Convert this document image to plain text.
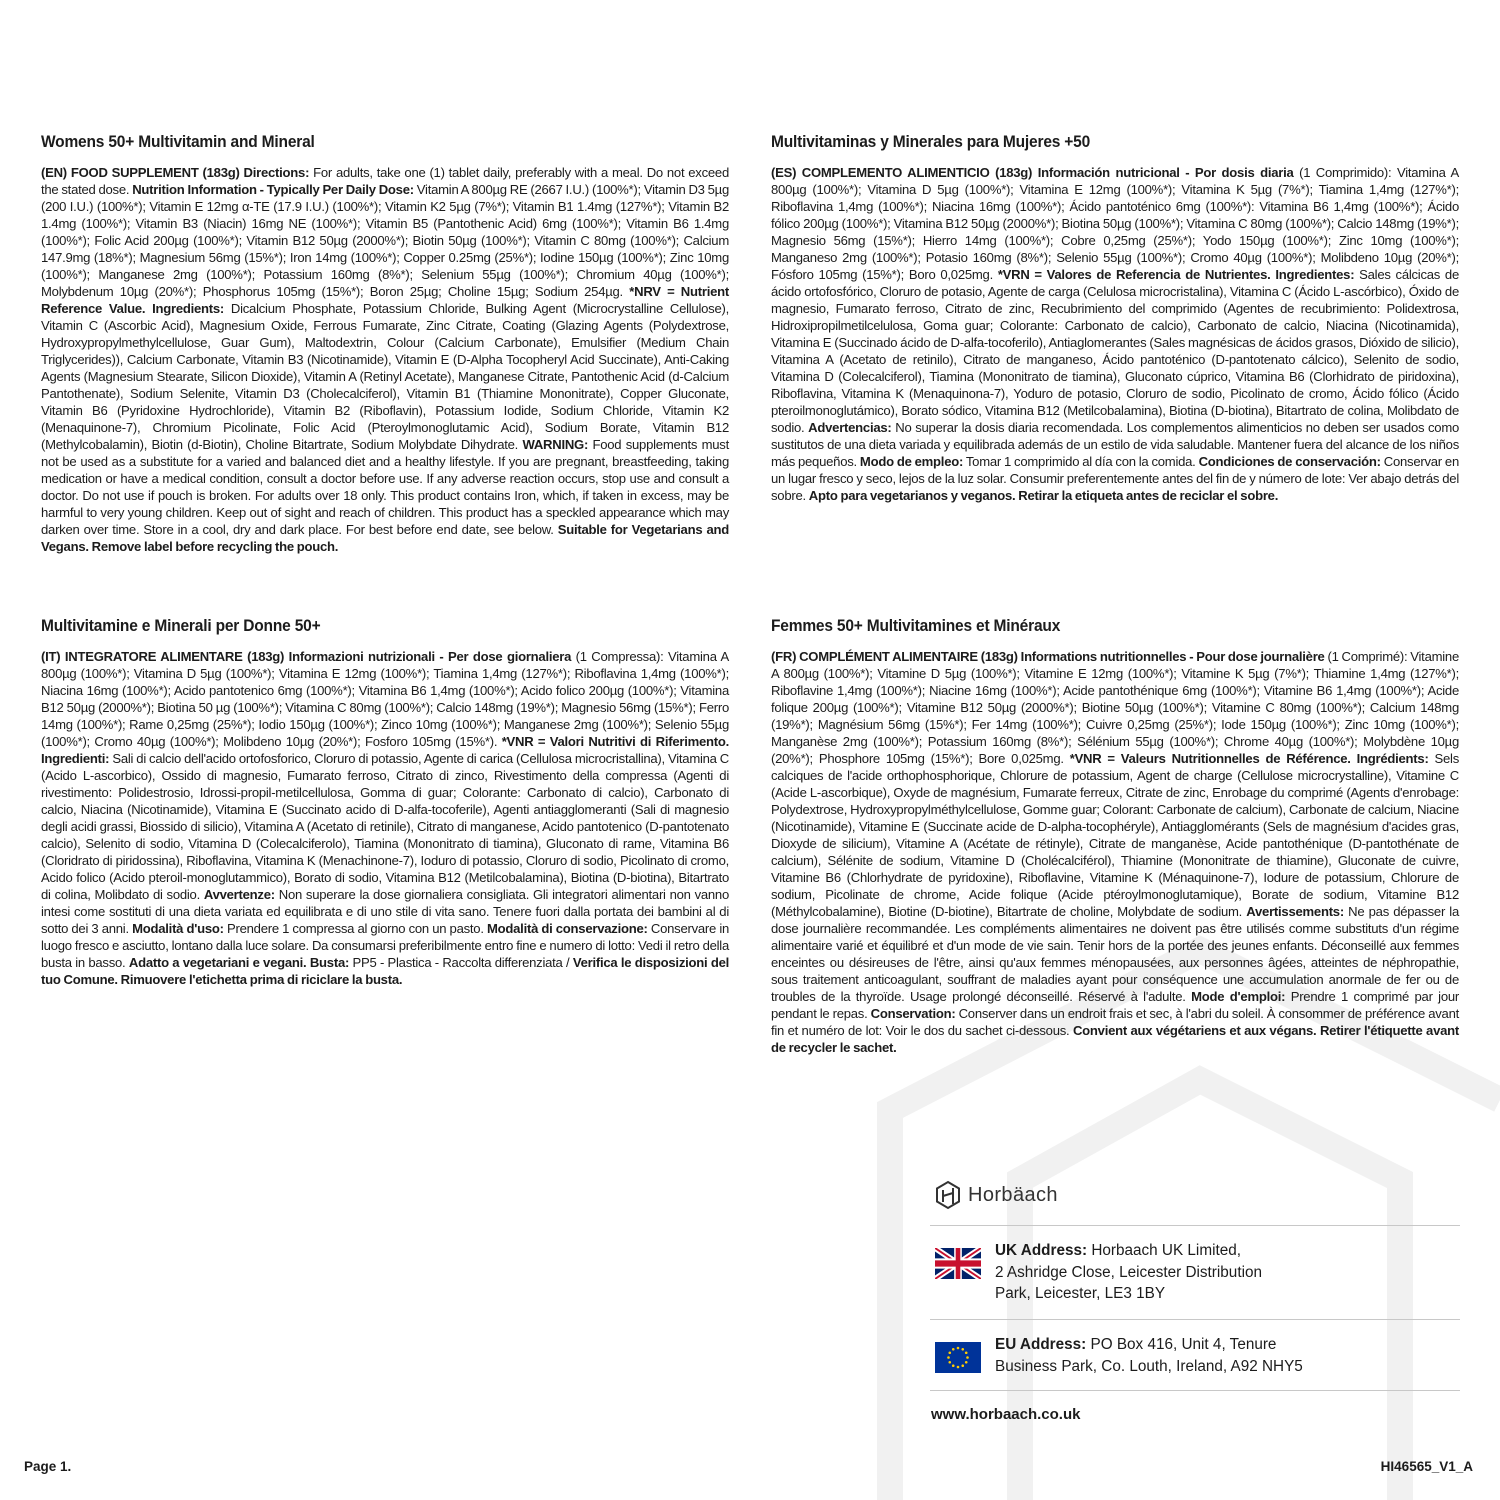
Womens 50+ Multivitamin and Mineral

(EN) FOOD SUPPLEMENT (183g) Directions: For adults, take one (1) tablet daily, preferably with a meal. Do not exceed the stated dose. Nutrition Information - Typically Per Daily Dose: Vitamin A 800µg RE (2667 I.U.) (100%*); Vitamin D3 5µg (200 I.U.) (100%*); Vitamin E 12mg α-TE (17.9 I.U.) (100%*); Vitamin K2 5µg (7%*); Vitamin B1 1.4mg (127%*); Vitamin B2 1.4mg (100%*); Vitamin B3 (Niacin) 16mg NE (100%*); Vitamin B5 (Pantothenic Acid) 6mg (100%*); Vitamin B6 1.4mg (100%*); Folic Acid 200µg (100%*); Vitamin B12 50µg (2000%*); Biotin 50µg (100%*); Vitamin C 80mg (100%*); Calcium 147.9mg (18%*); Magnesium 56mg (15%*); Iron 14mg (100%*); Copper 0.25mg (25%*); Iodine 150µg (100%*); Zinc 10mg (100%*); Manganese 2mg (100%*); Potassium 160mg (8%*); Selenium 55µg (100%*); Chromium 40µg (100%*); Molybdenum 10µg (20%*); Phosphorus 105mg (15%*); Boron 25µg; Choline 15µg; Sodium 254µg. *NRV = Nutrient Reference Value. Ingredients: Dicalcium Phosphate, Potassium Chloride, Bulking Agent (Microcrystalline Cellulose), Vitamin C (Ascorbic Acid), Magnesium Oxide, Ferrous Fumarate, Zinc Citrate, Coating (Glazing Agents (Polydextrose, Hydroxypropylmethylcellulose, Guar Gum), Maltodextrin, Colour (Calcium Carbonate), Emulsifier (Medium Chain Triglycerides)), Calcium Carbonate, Vitamin B3 (Nicotinamide), Vitamin E (D-Alpha Tocopheryl Acid Succinate), Anti-Caking Agents (Magnesium Stearate, Silicon Dioxide), Vitamin A (Retinyl Acetate), Manganese Citrate, Pantothenic Acid (d-Calcium Pantothenate), Sodium Selenite, Vitamin D3 (Cholecalciferol), Vitamin B1 (Thiamine Mononitrate), Copper Gluconate, Vitamin B6 (Pyridoxine Hydrochloride), Vitamin B2 (Riboflavin), Potassium Iodide, Sodium Chloride, Vitamin K2 (Menaquinone-7), Chromium Picolinate, Folic Acid (Pteroylmonoglutamic Acid), Sodium Borate, Vitamin B12 (Methylcobalamin), Biotin (d-Biotin), Choline Bitartrate, Sodium Molybdate Dihydrate. WARNING: Food supplements must not be used as a substitute for a varied and balanced diet and a healthy lifestyle. If you are pregnant, breastfeeding, taking medication or have a medical condition, consult a doctor before use. If any adverse reaction occurs, stop use and consult a doctor. Do not use if pouch is broken. For adults over 18 only. This product contains Iron, which, if taken in excess, may be harmful to very young children. Keep out of sight and reach of children. This product has a speckled appearance which may darken over time. Store in a cool, dry and dark place. For best before end date, see below. Suitable for Vegetarians and Vegans. Remove label before recycling the pouch.

Multivitaminas y Minerales para Mujeres +50

(ES) COMPLEMENTO ALIMENTICIO (183g) Información nutricional - Por dosis diaria (1 Comprimido): Vitamina A 800µg (100%*); Vitamina D 5µg (100%*); Vitamina E 12mg (100%*); Vitamina K 5µg (7%*); Tiamina 1,4mg (127%*); Riboflavina 1,4mg (100%*); Niacina 16mg (100%*); Ácido pantoténico 6mg (100%*): Vitamina B6 1,4mg (100%*); Ácido fólico 200µg (100%*); Vitamina B12 50µg (2000%*); Biotina 50µg (100%*); Vitamina C 80mg (100%*); Calcio 148mg (19%*); Magnesio 56mg (15%*); Hierro 14mg (100%*); Cobre 0,25mg (25%*); Yodo 150µg (100%*); Zinc 10mg (100%*); Manganeso 2mg (100%*); Potasio 160mg (8%*); Selenio 55µg (100%*); Cromo 40µg (100%*); Molibdeno 10µg (20%*); Fósforo 105mg (15%*); Boro 0,025mg. *VRN = Valores de Referencia de Nutrientes. Ingredientes: Sales cálcicas de ácido ortofosfórico, Cloruro de potasio, Agente de carga (Celulosa microcristalina), Vitamina C (Ácido L-ascórbico), Óxido de magnesio, Fumarato ferroso, Citrato de zinc, Recubrimiento del comprimido (Agentes de recubrimiento: Polidextrosa, Hidroxipropilmetilcelulosa, Goma guar; Colorante: Carbonato de calcio), Carbonato de calcio, Niacina (Nicotinamida), Vitamina E (Succinado ácido de D-alfa-tocoferilo), Antiaglomerantes (Sales magnésicas de ácidos grasos, Dióxido de silicio), Vitamina A (Acetato de retinilo), Citrato de manganeso, Ácido pantoténico (D-pantotenato cálcico), Selenito de sodio, Vitamina D (Colecalciferol), Tiamina (Mononitrato de tiamina), Gluconato cúprico, Vitamina B6 (Clorhidrato de piridoxina), Riboflavina, Vitamina K (Menaquinona-7), Yoduro de potasio, Cloruro de sodio, Picolinato de cromo, Ácido fólico (Ácido pteroilmonoglutámico), Borato sódico, Vitamina B12 (Metilcobalamina), Biotina (D-biotina), Bitartrato de colina, Molibdato de sodio. Advertencias: No superar la dosis diaria recomendada. Los complementos alimenticios no deben ser usados como sustitutos de una dieta variada y equilibrada además de un estilo de vida saludable. Mantener fuera del alcance de los niños más pequeños. Modo de empleo: Tomar 1 comprimido al día con la comida. Condiciones de conservación: Conservar en un lugar fresco y seco, lejos de la luz solar. Consumir preferentemente antes del fin de y número de lote: Ver abajo detrás del sobre. Apto para vegetarianos y veganos. Retirar la etiqueta antes de reciclar el sobre.

Multivitamine e Minerali per Donne 50+

(IT) INTEGRATORE ALIMENTARE (183g) Informazioni nutrizionali - Per dose giornaliera (1 Compressa): Vitamina A 800µg (100%*); Vitamina D 5µg (100%*); Vitamina E 12mg (100%*); Tiamina 1,4mg (127%*); Riboflavina 1,4mg (100%*); Niacina 16mg (100%*); Acido pantotenico 6mg (100%*); Vitamina B6 1,4mg (100%*); Acido folico 200µg (100%*); Vitamina B12 50µg (2000%*); Biotina 50 µg (100%*); Vitamina C 80mg (100%*); Calcio 148mg (19%*); Magnesio 56mg (15%*); Ferro 14mg (100%*); Rame 0,25mg (25%*); Iodio 150µg (100%*); Zinco 10mg (100%*); Manganese 2mg (100%*); Selenio 55µg (100%*); Cromo 40µg (100%*); Molibdeno 10µg (20%*); Fosforo 105mg (15%*). *VNR = Valori Nutritivi di Riferimento. Ingredienti: Sali di calcio dell'acido ortofosforico, Cloruro di potassio, Agente di carica (Cellulosa microcristallina), Vitamina C (Acido L-ascorbico), Ossido di magnesio, Fumarato ferroso, Citrato di zinco, Rivestimento della compressa (Agenti di rivestimento: Polidestrosio, Idrossi-propil-metilcellulosa, Gomma di guar; Colorante: Carbonato di calcio), Carbonato di calcio, Niacina (Nicotinamide), Vitamina E (Succinato acido di D-alfa-tocoferile), Agenti antiagglomeranti (Sali di magnesio degli acidi grassi, Biossido di silicio), Vitamina A (Acetato di retinile), Citrato di manganese, Acido pantotenico (D-pantotenato calcio), Selenito di sodio, Vitamina D (Colecalciferolo), Tiamina (Mononitrato di tiamina), Gluconato di rame, Vitamina B6 (Cloridrato di piridossina), Riboflavina, Vitamina K (Menachinone-7), Ioduro di potassio, Cloruro di sodio, Picolinato di cromo, Acido folico (Acido pteroil-monoglutammico), Borato di sodio, Vitamina B12 (Metilcobalamina), Biotina (D-biotina), Bitartrato di colina, Molibdato di sodio. Avvertenze: Non superare la dose giornaliera consigliata. Gli integratori alimentari non vanno intesi come sostituti di una dieta variata ed equilibrata e di uno stile di vita sano. Tenere fuori dalla portata dei bambini al di sotto dei 3 anni. Modalità d'uso: Prendere 1 compressa al giorno con un pasto. Modalità di conservazione: Conservare in luogo fresco e asciutto, lontano dalla luce solare. Da consumarsi preferibilmente entro fine e numero di lotto: Vedi il retro della busta in basso. Adatto a vegetariani e vegani. Busta: PP5 - Plastica - Raccolta differenziata / Verifica le disposizioni del tuo Comune. Rimuovere l'etichetta prima di riciclare la busta.

Femmes 50+ Multivitamines et Minéraux

(FR) COMPLÉMENT ALIMENTAIRE (183g) Informations nutritionnelles - Pour dose journalière (1 Comprimé): Vitamine A 800µg (100%*); Vitamine D 5µg (100%*); Vitamine E 12mg (100%*); Vitamine K 5µg (7%*); Thiamine 1,4mg (127%*); Riboflavine 1,4mg (100%*); Niacine 16mg (100%*); Acide pantothénique 6mg (100%*); Vitamine B6 1,4mg (100%*); Acide folique 200µg (100%*); Vitamine B12 50µg (2000%*); Biotine 50µg (100%*); Vitamine C 80mg (100%*); Calcium 148mg (19%*); Magnésium 56mg (15%*); Fer 14mg (100%*); Cuivre 0,25mg (25%*); Iode 150µg (100%*); Zinc 10mg (100%*); Manganèse 2mg (100%*); Potassium 160mg (8%*); Sélénium 55µg (100%*); Chrome 40µg (100%*); Molybdène 10µg (20%*); Phosphore 105mg (15%*); Bore 0,025mg. *VNR = Valeurs Nutritionnelles de Référence. Ingrédients: Sels calciques de l'acide orthophosphorique, Chlorure de potassium, Agent de charge (Cellulose microcrystalline), Vitamine C (Acide L-ascorbique), Oxyde de magnésium, Fumarate ferreux, Citrate de zinc, Enrobage du comprimé (Agents d'enrobage: Polydextrose, Hydroxypropylméthylcellulose, Gomme guar; Colorant: Carbonate de calcium), Carbonate de calcium, Niacine (Nicotinamide), Vitamine E (Succinate acide de D-alpha-tocophéryle), Antiagglomérants (Sels de magnésium d'acides gras, Dioxyde de silicium), Vitamine A (Acétate de rétinyle), Citrate de manganèse, Acide pantothénique (D-pantothénate de calcium), Sélénite de sodium, Vitamine D (Cholécalciférol), Thiamine (Mononitrate de thiamine), Gluconate de cuivre, Vitamine B6 (Chlorhydrate de pyridoxine), Riboflavine, Vitamine K (Ménaquinone-7), Iodure de potassium, Chlorure de sodium, Picolinate de chrome, Acide folique (Acide ptéroylmonoglutamique), Borate de sodium, Vitamine B12 (Méthylcobalamine), Biotine (D-biotine), Bitartrate de choline, Molybdate de sodium. Avertissements: Ne pas dépasser la dose journalière recommandée. Les compléments alimentaires ne doivent pas être utilisés comme substituts d'un régime alimentaire varié et équilibré et d'un mode de vie sain. Tenir hors de la portée des jeunes enfants. Déconseillé aux femmes enceintes ou désireuses de l'être, ainsi qu'aux femmes ménopausées, aux personnes âgées, atteintes de néphropathie, sous traitement anticoagulant, souffrant de maladies ayant pour conséquence une accumulation anormale de fer ou de troubles de la thyroïde. Usage prolongé déconseillé. Réservé à l'adulte. Mode d'emploi: Prendre 1 comprimé par jour pendant le repas. Conservation: Conserver dans un endroit frais et sec, à l'abri du soleil. À consommer de préférence avant fin et numéro de lot: Voir le dos du sachet ci-dessous. Convient aux végétariens et aux végans. Retirer l'étiquette avant de recycler le sachet.

Horbäach
UK Address: Horbaach UK Limited,
2 Ashridge Close, Leicester Distribution
Park, Leicester, LE3 1BY
EU Address: PO Box 416, Unit 4, Tenure
Business Park, Co. Louth, Ireland, A92 NHY5
www.horbaach.co.uk
Page 1.	HI46565_V1_A
